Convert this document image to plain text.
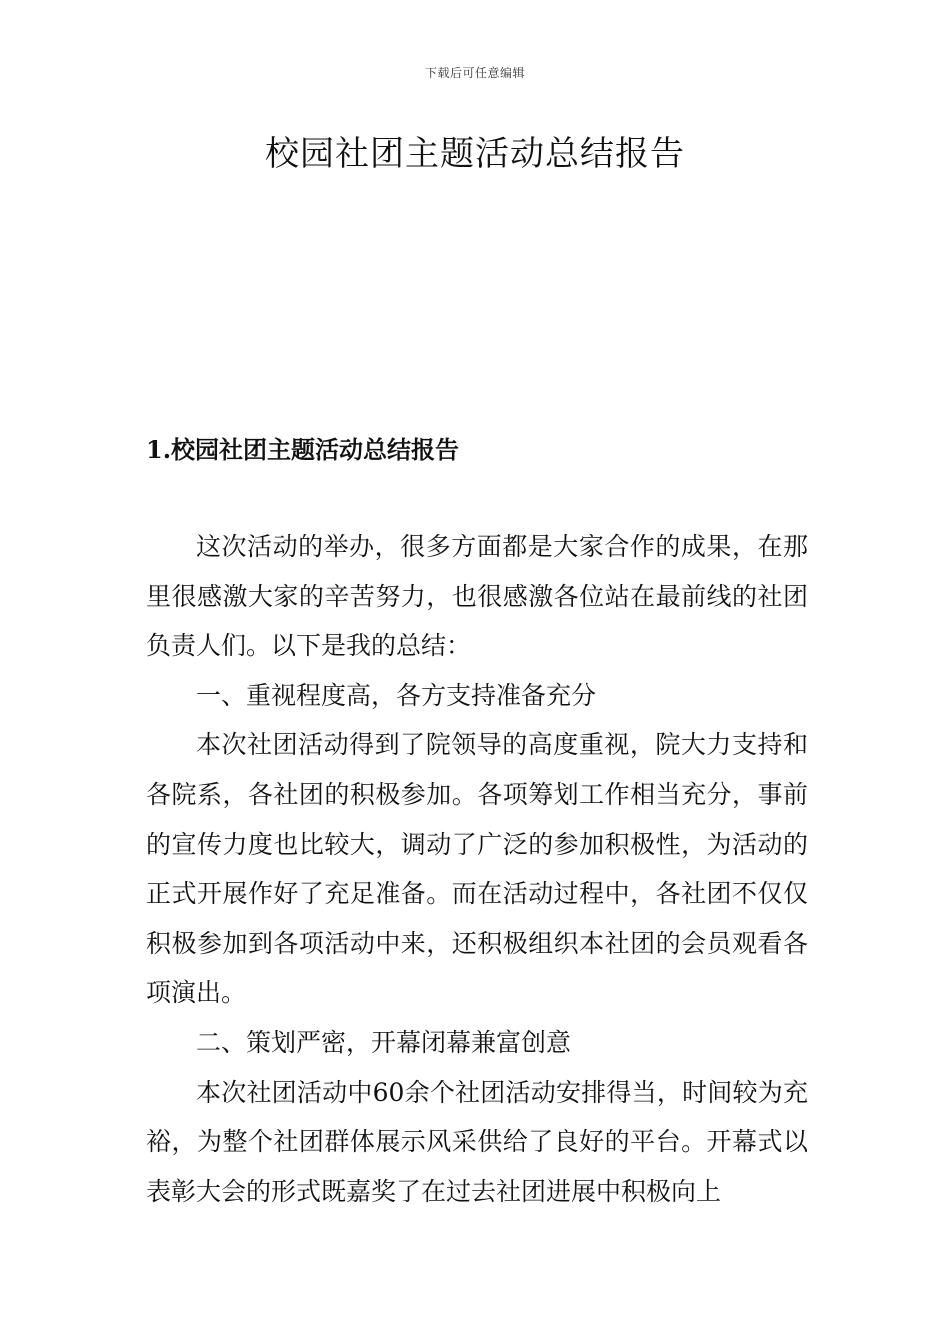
下载后可任意编辑
校园社团主题活动总结报告
1.校园社团主题活动总结报告

这次活动的举办，很多方面都是大家合作的成果，在那里很感激大家的辛苦努力，也很感激各位站在最前线的社团负责人们。以下是我的总结：

一、重视程度高，各方支持准备充分

本次社团活动得到了院领导的高度重视，院大力支持和各院系，各社团的积极参加。各项筹划工作相当充分，事前的宣传力度也比较大，调动了广泛的参加积极性，为活动的正式开展作好了充足准备。而在活动过程中，各社团不仅仅积极参加到各项活动中来，还积极组织本社团的会员观看各项演出。

二、策划严密，开幕闭幕兼富创意

本次社团活动中60余个社团活动安排得当，时间较为充裕，为整个社团群体展示风采供给了良好的平台。开幕式以表彰大会的形式既嘉奖了在过去社团进展中积极向上
